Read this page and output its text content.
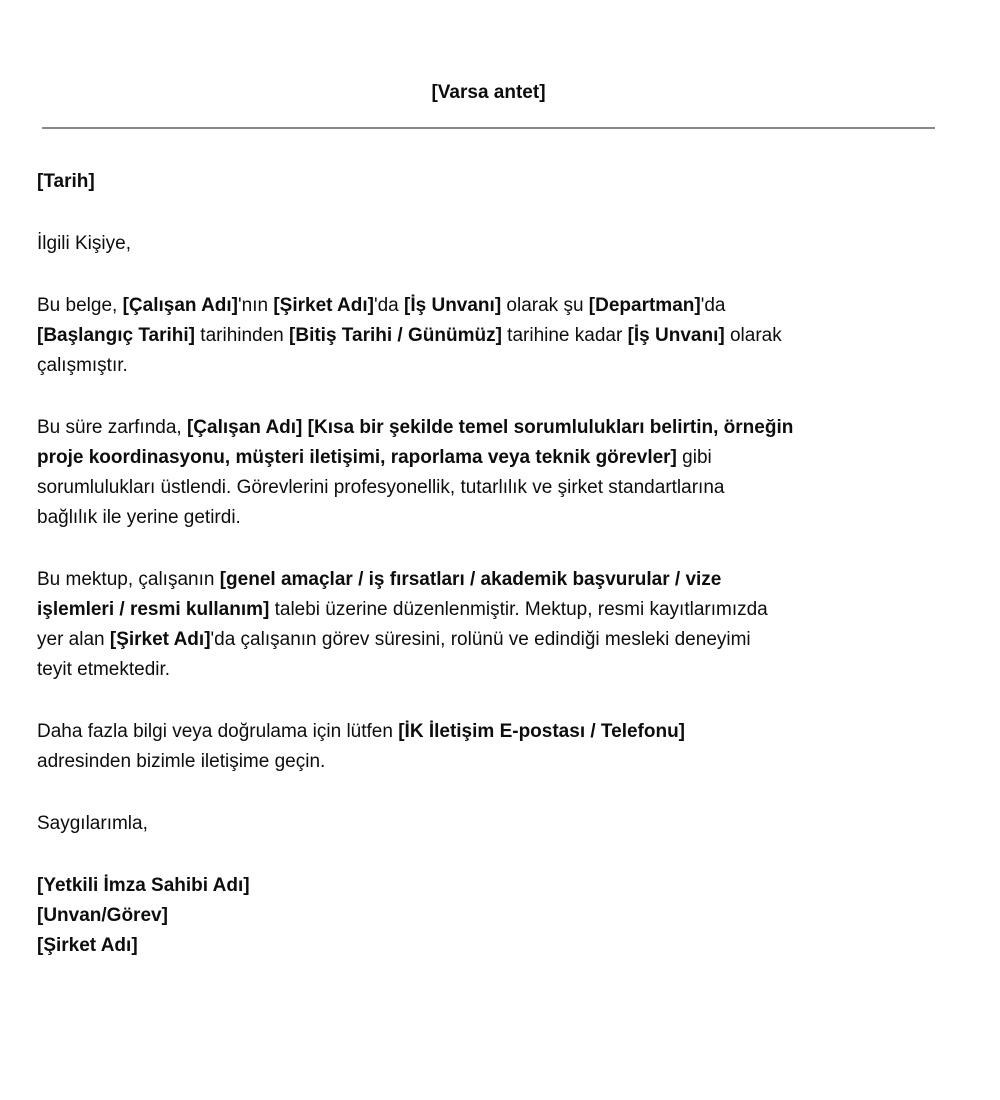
[Varsa antet]

[Tarih]

İlgili Kişiye,

Bu belge, [Çalışan Adı]'nın [Şirket Adı]'da [İş Unvanı] olarak şu [Departman]'da
[Başlangıç Tarihi] tarihinden [Bitiş Tarihi / Günümüz] tarihine kadar [İş Unvanı] olarak
çalışmıştır.

Bu süre zarfında, [Çalışan Adı] [Kısa bir şekilde temel sorumlulukları belirtin, örneğin
proje koordinasyonu, müşteri iletişimi, raporlama veya teknik görevler] gibi
sorumlulukları üstlendi. Görevlerini profesyonellik, tutarlılık ve şirket standartlarına
bağlılık ile yerine getirdi.

Bu mektup, çalışanın [genel amaçlar / iş fırsatları / akademik başvurular / vize
işlemleri / resmi kullanım] talebi üzerine düzenlenmiştir. Mektup, resmi kayıtlarımızda
yer alan [Şirket Adı]'da çalışanın görev süresini, rolünü ve edindiği mesleki deneyimi
teyit etmektedir.

Daha fazla bilgi veya doğrulama için lütfen [İK İletişim E-postası / Telefonu]
adresinden bizimle iletişime geçin.

Saygılarımla,

[Yetkili İmza Sahibi Adı]
[Unvan/Görev]
[Şirket Adı]
